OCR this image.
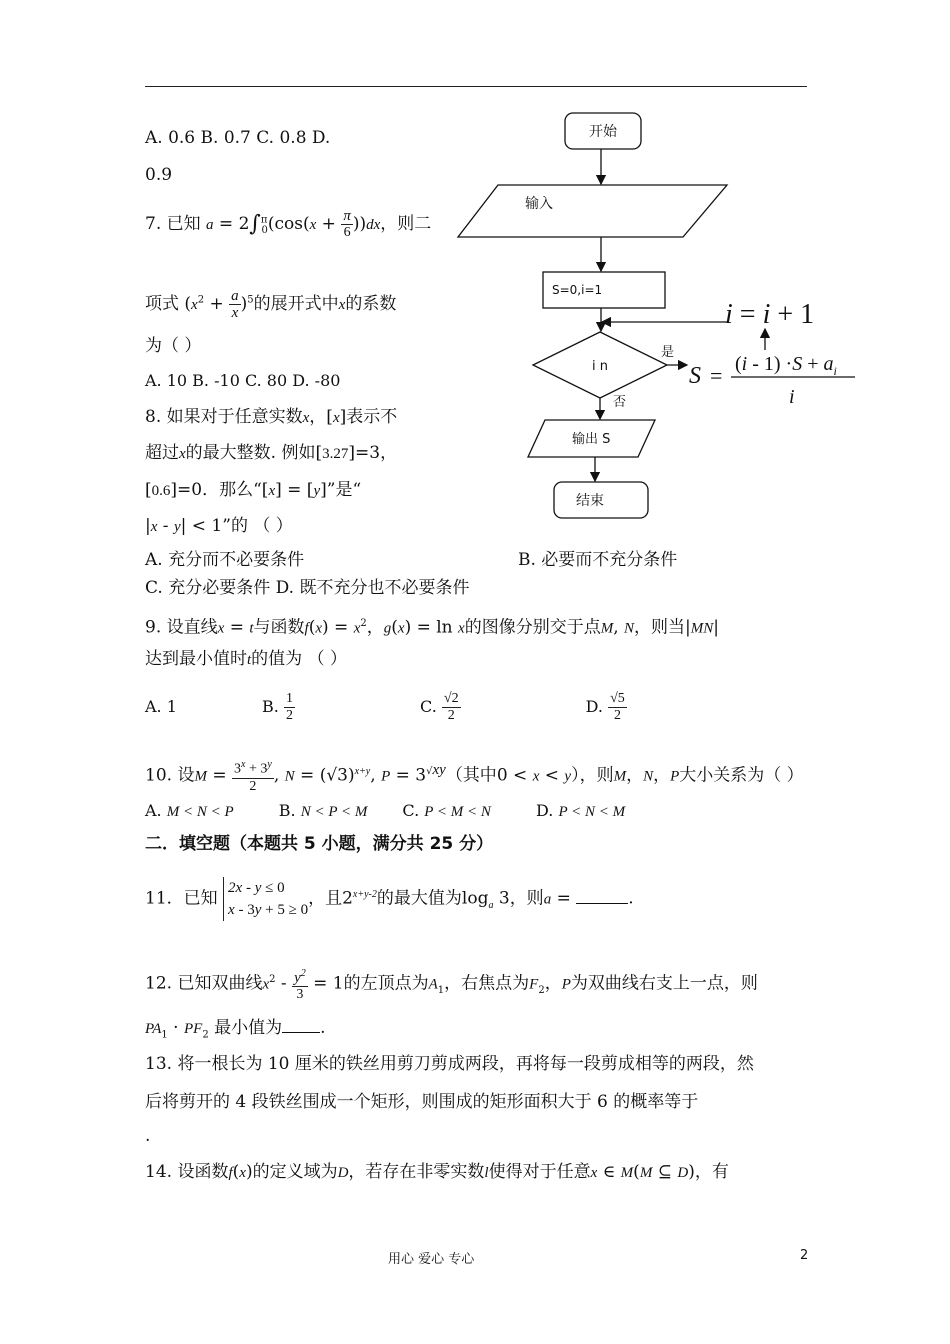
A. 0.6 B. 0.7 C. 0.8 D.
0.9
7. 已知 $a = 2\int^\pi_0(\cos(x + \frac{\pi}{6} ))dx$，则二
项式 $(x^2 + \frac{a}{x} )^5$的展开式中x的系数
为（ ）
A. 10 B. -10 C. 80 D. -80
8. 如果对于任意实数x，[x]表示不
超过x的最大整数. 例如[3.27]=3，
[0.6]=0．那么“[x] = [y]”是“
|x - y| < 1”的 （ ）
A. 充分而不必要条件	B. 必要而不充分条件
C. 充分必要条件 D. 既不充分也不必要条件
9. 设直线x = t与函数$f(x) = x^2$，g(x) = ln x的图像分别交于点M, N，则当|MN|
达到最小值时t的值为 （ ）
A. 1	B. $\frac{1}{2}$	C. $\frac{√2}{2}$	D. $\frac{√5}{2}$
10. 设$M = \frac{3^x + 3^y}{2}$ , $N = (√3)^{x+y}$, $P = 3^{√xy}$（其中0 < x < y），则M，N，P大小关系为（ ）
A. M < N < P	B. N < P < M C. P < M < N	D. P < N < M
二．填空题（本题共 5 小题，满分共 25 分）
11．已知 2x - y ≤ 0
x - 3y + 5 ≥ 0，且$2^{x+y-2}$的最大值为$\log_a 3$，则a =	.
12. 已知双曲线$x^2 - \frac{y^2}{3} = 1$的左顶点为$A_1$，右焦点为$F_2$，P为双曲线右支上一点，则
$PA_1 \cdot PF_2$ 最小值为 .
13. 将一根长为 10 厘米的铁丝用剪刀剪成两段，再将每一段剪成相等的两段，然
后将剪开的 4 段铁丝围成一个矩形，则围成的矩形面积大于 6 的概率等于
.
14. 设函数f(x)的定义域为D，若存在非零实数l使得对于任意x ∈ M(M ⊆ D)，有
开始
输入
S=0,i=1
i n
是
否
输出 S
结束
i = i + 1
$S = (i - 1) \cdot S + a_i$
i
用心 爱心 专心	2
